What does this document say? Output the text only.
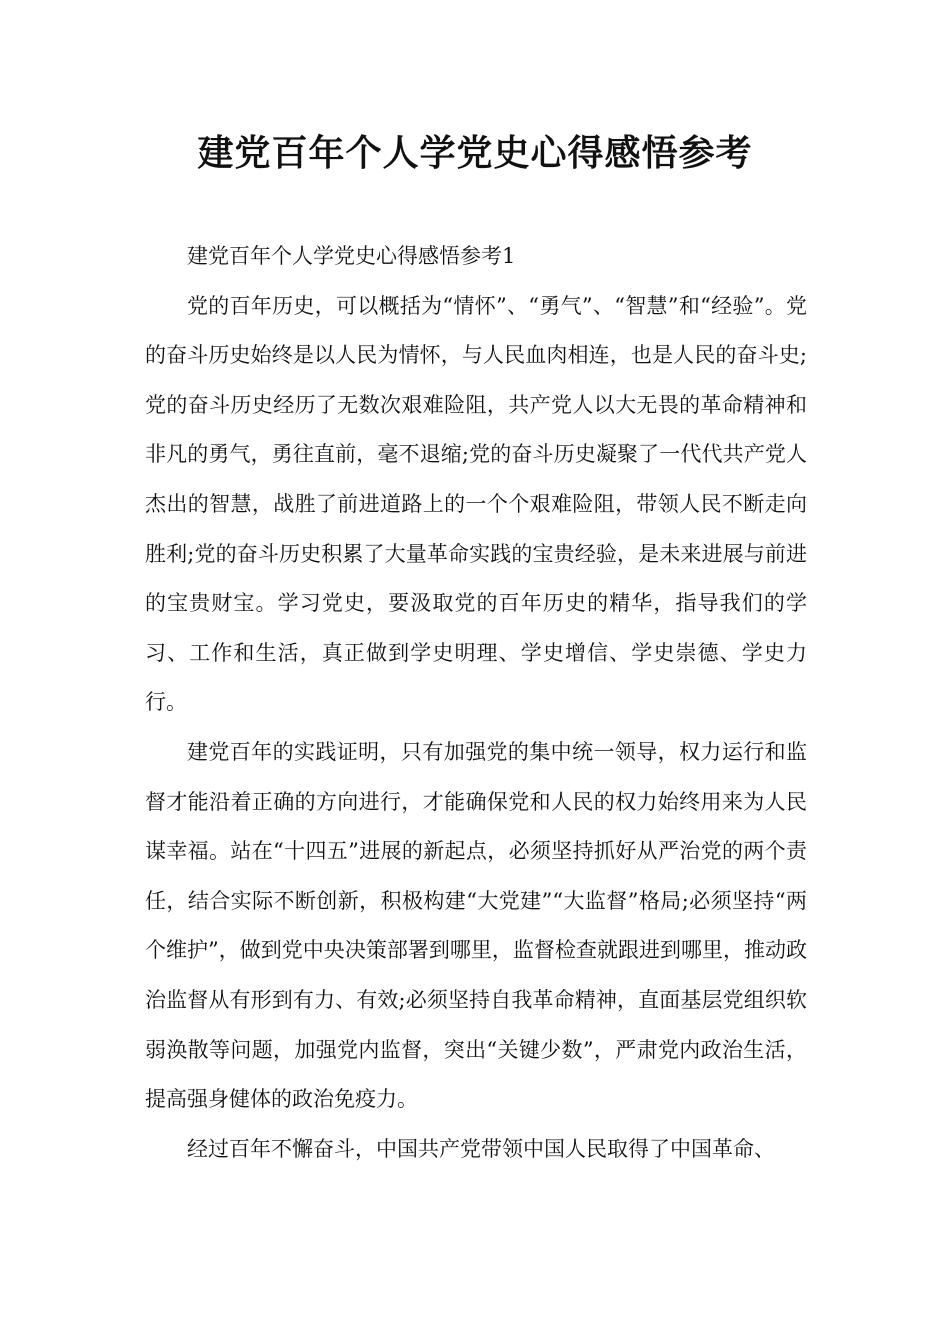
建党百年个人学党史心得感悟参考

建党百年个人学党史心得感悟参考1

党的百年历史，可以概括为“情怀”、“勇气”、“智慧”和“经验”。党的奋斗历史始终是以人民为情怀，与人民血肉相连，也是人民的奋斗史;党的奋斗历史经历了无数次艰难险阻，共产党人以大无畏的革命精神和非凡的勇气，勇往直前，毫不退缩;党的奋斗历史凝聚了一代代共产党人杰出的智慧，战胜了前进道路上的一个个艰难险阻，带领人民不断走向胜利;党的奋斗历史积累了大量革命实践的宝贵经验，是未来进展与前进的宝贵财宝。学习党史，要汲取党的百年历史的精华，指导我们的学习、工作和生活，真正做到学史明理、学史增信、学史崇德、学史力行。

建党百年的实践证明，只有加强党的集中统一领导，权力运行和监督才能沿着正确的方向进行，才能确保党和人民的权力始终用来为人民谋幸福。站在“十四五”进展的新起点，必须坚持抓好从严治党的两个责任，结合实际不断创新，积极构建“大党建”“大监督”格局;必须坚持“两个维护”，做到党中央决策部署到哪里，监督检查就跟进到哪里，推动政治监督从有形到有力、有效;必须坚持自我革命精神，直面基层党组织软弱涣散等问题，加强党内监督，突出“关键少数”，严肃党内政治生活，提高强身健体的政治免疫力。

经过百年不懈奋斗，中国共产党带领中国人民取得了中国革命、
